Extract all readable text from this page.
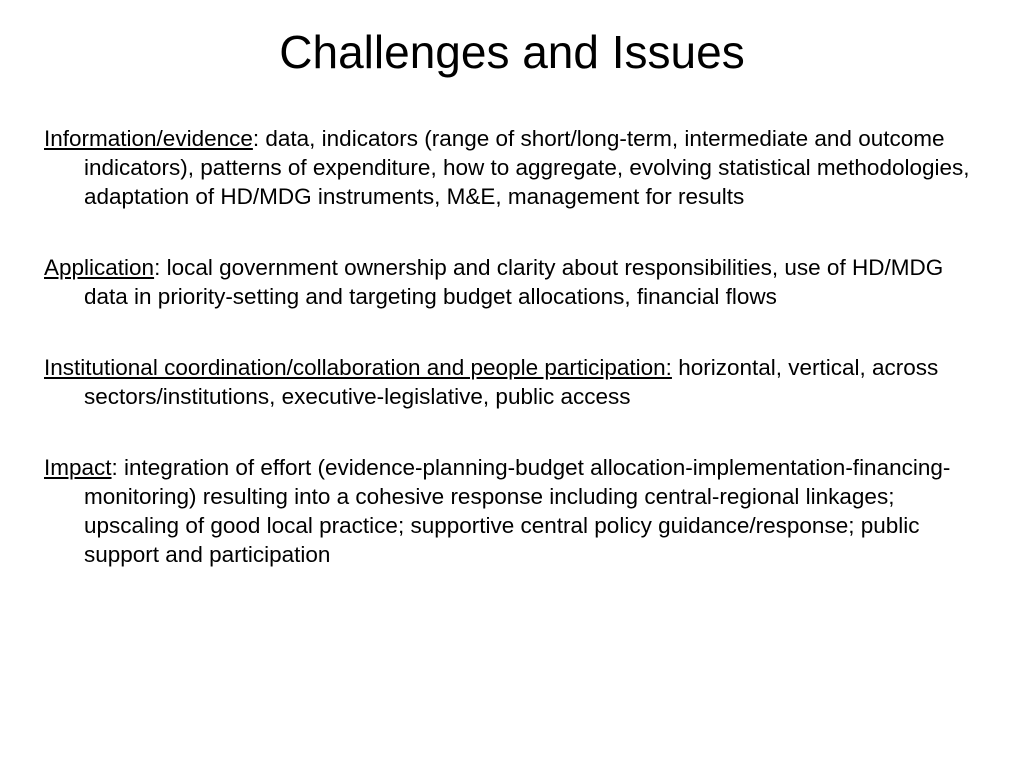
Challenges and Issues

Information/evidence: data, indicators (range of short/long-term, intermediate and outcome indicators), patterns of expenditure, how to aggregate, evolving statistical methodologies, adaptation of HD/MDG instruments, M&E, management for results

Application: local government ownership and clarity about responsibilities, use of HD/MDG data in priority-setting and targeting budget allocations, financial flows

Institutional coordination/collaboration and people participation: horizontal, vertical, across sectors/institutions, executive-legislative, public access

Impact: integration of effort (evidence-planning-budget allocation-implementation-financing-monitoring) resulting into a cohesive response including central-regional linkages; upscaling of good local practice; supportive central policy guidance/response; public support and participation
